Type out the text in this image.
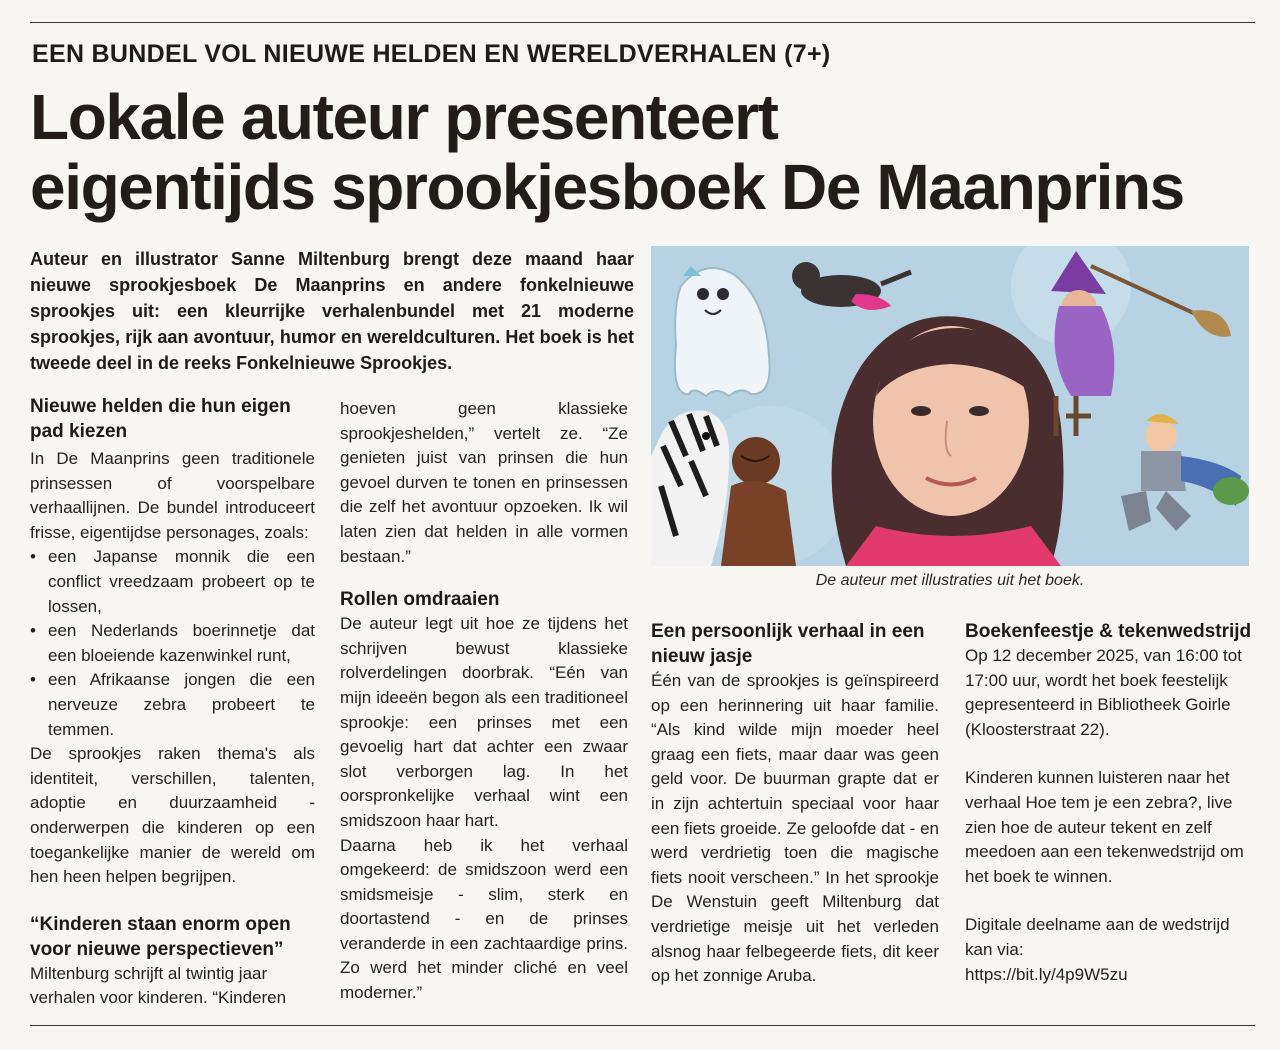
EEN BUNDEL VOL NIEUWE HELDEN EN WERELDVERHALEN (7+)
Lokale auteur presenteert
eigentijds sprookjesboek De Maanprins
Auteur en illustrator Sanne Miltenburg brengt deze maand haar nieuwe sprookjesboek De Maanprins en andere fonkelnieuwe sprookjes uit: een kleurrijke verhalenbundel met 21 moderne sprookjes, rijk aan avontuur, humor en wereldculturen. Het boek is het tweede deel in de reeks Fonkelnieuwe Sprookjes.
De auteur met illustraties uit het boek.
Nieuwe helden die hun eigen pad kiezen

In De Maanprins geen traditionele prinsessen of voorspelbare verhaallijnen. De bundel introduceert frisse, eigentijdse personages, zoals:

• een Japanse monnik die een conflict vreedzaam probeert op te lossen,
• een Nederlands boerinnetje dat een bloeiende kazenwinkel runt,
• een Afrikaanse jongen die een nerveuze zebra probeert te temmen.

De sprookjes raken thema's als identiteit, verschillen, talenten, adoptie en duurzaamheid - onderwerpen die kinderen op een toegankelijke manier de wereld om hen heen helpen begrijpen.

“Kinderen staan enorm open voor nieuwe perspectieven”

Miltenburg schrijft al twintig jaar verhalen voor kinderen. “Kinderen

hoeven geen klassieke sprookjeshelden,” vertelt ze. “Ze genieten juist van prinsen die hun gevoel durven te tonen en prinsessen die zelf het avontuur opzoeken. Ik wil laten zien dat helden in alle vormen bestaan.”

Rollen omdraaien

De auteur legt uit hoe ze tijdens het schrijven bewust klassieke rolverdelingen doorbrak. “Eén van mijn ideeën begon als een traditioneel sprookje: een prinses met een gevoelig hart dat achter een zwaar slot verborgen lag. In het oorspronkelijke verhaal wint een smidszoon haar hart.

Daarna heb ik het verhaal omgekeerd: de smidszoon werd een smidsmeisje - slim, sterk en doortastend - en de prinses veranderde in een zachtaardige prins. Zo werd het minder cliché en veel moderner.”

Een persoonlijk verhaal in een nieuw jasje

Één van de sprookjes is geïnspireerd op een herinnering uit haar familie. “Als kind wilde mijn moeder heel graag een fiets, maar daar was geen geld voor. De buurman grapte dat er in zijn achtertuin speciaal voor haar een fiets groeide. Ze geloofde dat - en werd verdrietig toen die magische fiets nooit verscheen.” In het sprookje De Wenstuin geeft Miltenburg dat verdrietige meisje uit het verleden alsnog haar felbegeerde fiets, dit keer op het zonnige Aruba.

Boekenfeestje & tekenwedstrijd

Op 12 december 2025, van 16:00 tot 17:00 uur, wordt het boek feestelijk gepresenteerd in Bibliotheek Goirle (Kloosterstraat 22).

Kinderen kunnen luisteren naar het verhaal Hoe tem je een zebra?, live zien hoe de auteur tekent en zelf meedoen aan een tekenwedstrijd om het boek te winnen.

Digitale deelname aan de wedstrijd kan via:

https://bit.ly/4p9W5zu
